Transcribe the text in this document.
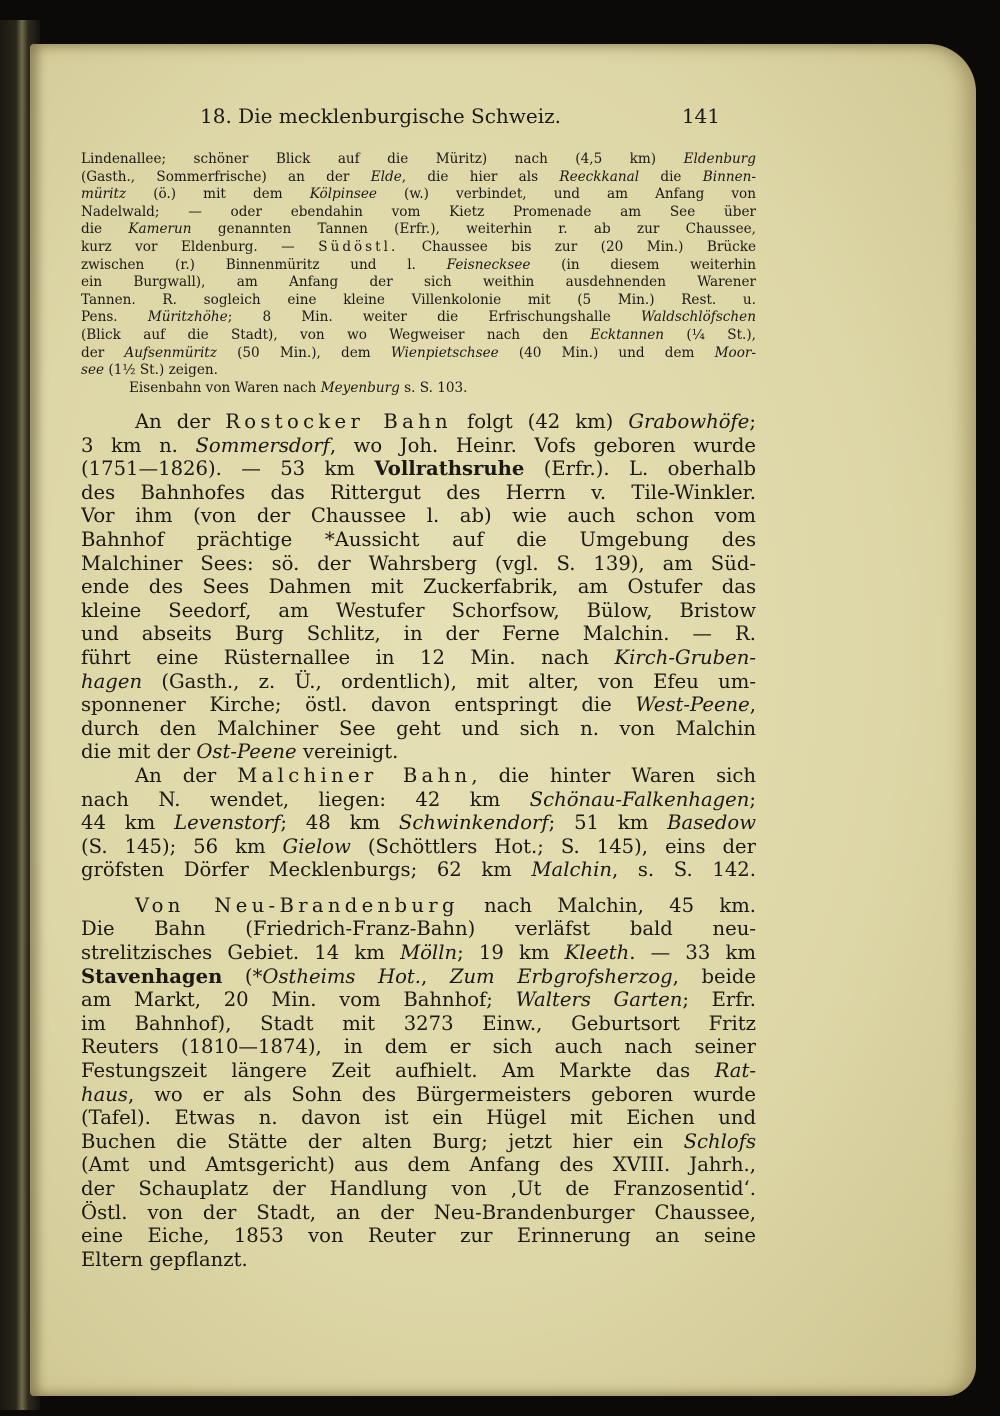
18. Die mecklenburgische Schweiz.	141
Lindenallee; schöner Blick auf die Müritz) nach (4,5 km) Eldenburg
(Gasth., Sommerfrische) an der Elde, die hier als Reeckkanal die Binnen-
müritz (ö.) mit dem Kölpinsee (w.) verbindet, und am Anfang von
Nadelwald; — oder ebendahin vom Kietz Promenade am See über
die Kamerun genannten Tannen (Erfr.), weiterhin r. ab zur Chaussee,
kurz vor Eldenburg. — Südöstl. Chaussee bis zur (20 Min.) Brücke
zwischen (r.) Binnenmüritz und l. Feisnecksee (in diesem weiterhin
ein Burgwall), am Anfang der sich weithin ausdehnenden Warener
Tannen. R. sogleich eine kleine Villenkolonie mit (5 Min.) Rest. u.
Pens. Müritzhöhe; 8 Min. weiter die Erfrischungshalle Waldschlöfschen
(Blick auf die Stadt), von wo Wegweiser nach den Ecktannen (¼ St.),
der Aufsenmüritz (50 Min.), dem Wienpietschsee (40 Min.) und dem Moor-
see (1½ St.) zeigen.
Eisenbahn von Waren nach Meyenburg s. S. 103.
An der Rostocker Bahn folgt (42 km) Grabowhöfe;
3 km n. Sommersdorf, wo Joh. Heinr. Vofs geboren wurde
(1751—1826). — 53 km Vollrathsruhe (Erfr.). L. oberhalb
des Bahnhofes das Rittergut des Herrn v. Tile-Winkler.
Vor ihm (von der Chaussee l. ab) wie auch schon vom
Bahnhof prächtige *Aussicht auf die Umgebung des
Malchiner Sees: sö. der Wahrsberg (vgl. S. 139), am Süd-
ende des Sees Dahmen mit Zuckerfabrik, am Ostufer das
kleine Seedorf, am Westufer Schorfsow, Bülow, Bristow
und abseits Burg Schlitz, in der Ferne Malchin. — R.
führt eine Rüsternallee in 12 Min. nach Kirch-Gruben-
hagen (Gasth., z. Ü., ordentlich), mit alter, von Efeu um-
sponnener Kirche; östl. davon entspringt die West-Peene,
durch den Malchiner See geht und sich n. von Malchin
die mit der Ost-Peene vereinigt.
An der Malchiner Bahn, die hinter Waren sich
nach N. wendet, liegen: 42 km Schönau-Falkenhagen;
44 km Levenstorf; 48 km Schwinkendorf; 51 km Basedow
(S. 145); 56 km Gielow (Schöttlers Hot.; S. 145), eins der
gröfsten Dörfer Mecklenburgs; 62 km Malchin, s. S. 142.
Von Neu-Brandenburg nach Malchin, 45 km.
Die Bahn (Friedrich-Franz-Bahn) verläfst bald neu-
strelitzisches Gebiet. 14 km Mölln; 19 km Kleeth. — 33 km
Stavenhagen (*Ostheims Hot., Zum Erbgrofsherzog, beide
am Markt, 20 Min. vom Bahnhof; Walters Garten; Erfr.
im Bahnhof), Stadt mit 3273 Einw., Geburtsort Fritz
Reuters (1810—1874), in dem er sich auch nach seiner
Festungszeit längere Zeit aufhielt. Am Markte das Rat-
haus, wo er als Sohn des Bürgermeisters geboren wurde
(Tafel). Etwas n. davon ist ein Hügel mit Eichen und
Buchen die Stätte der alten Burg; jetzt hier ein Schlofs
(Amt und Amtsgericht) aus dem Anfang des XVIII. Jahrh.,
der Schauplatz der Handlung von ‚Ut de Franzosentid‘.
Östl. von der Stadt, an der Neu-Brandenburger Chaussee,
eine Eiche, 1853 von Reuter zur Erinnerung an seine
Eltern gepflanzt.
